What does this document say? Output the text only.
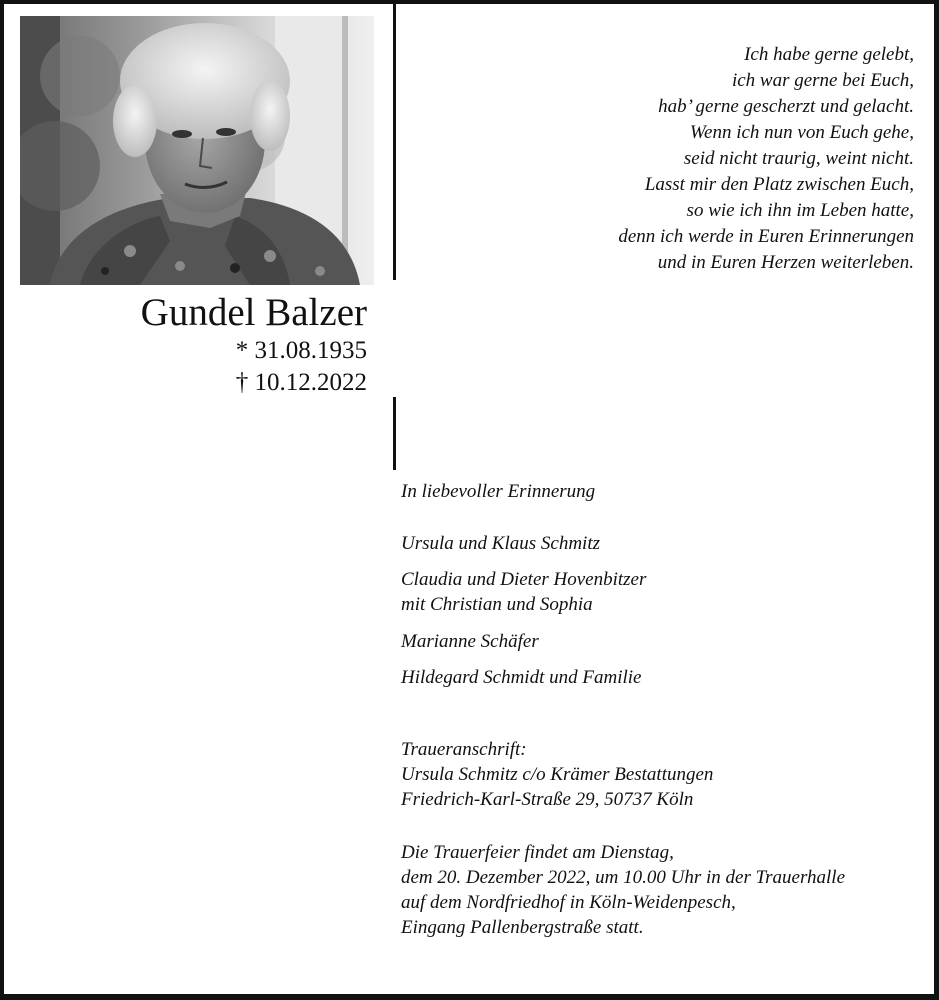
Gundel Balzer
* 31.08.1935
† 10.12.2022
Ich habe gerne gelebt,
ich war gerne bei Euch,
hab’ gerne gescherzt und gelacht.
Wenn ich nun von Euch gehe,
seid nicht traurig, weint nicht.
Lasst mir den Platz zwischen Euch,
so wie ich ihn im Leben hatte,
denn ich werde in Euren Erinnerungen
und in Euren Herzen weiterleben.
In liebevoller Erinnerung
Ursula und Klaus Schmitz
Claudia und Dieter Hovenbitzer
mit Christian und Sophia
Marianne Schäfer
Hildegard Schmidt und Familie
Traueranschrift:
Ursula Schmitz c/o Krämer Bestattungen
Friedrich-Karl-Straße 29, 50737 Köln
Die Trauerfeier findet am Dienstag,
dem 20. Dezember 2022, um 10.00 Uhr in der Trauerhalle
auf dem Nordfriedhof in Köln-Weidenpesch,
Eingang Pallenbergstraße statt.
